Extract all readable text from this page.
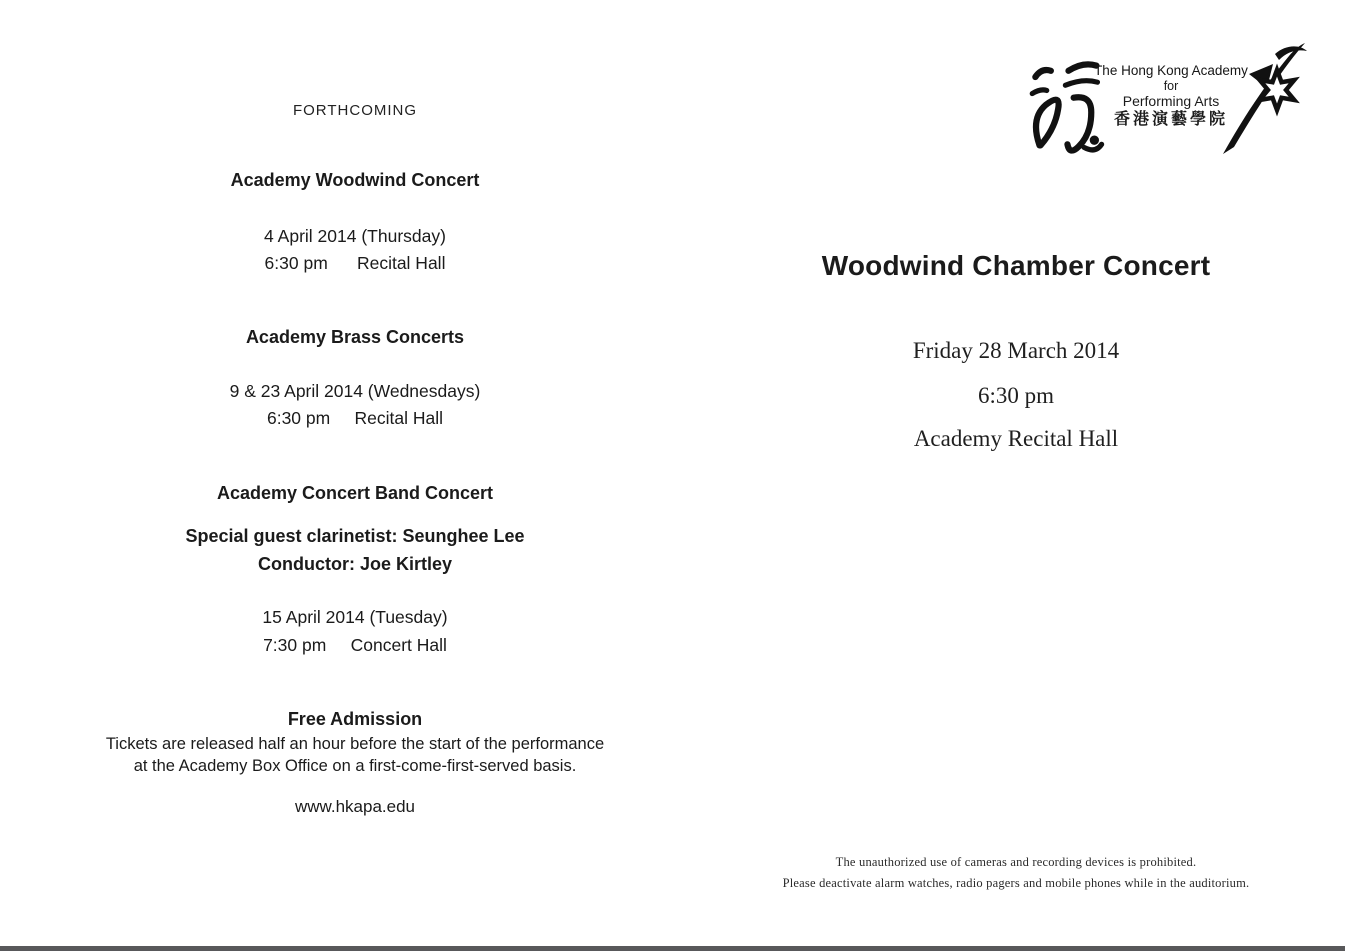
FORTHCOMING
Academy Woodwind Concert
4 April 2014 (Thursday)
6:30 pm      Recital Hall
Academy Brass Concerts
9 & 23 April 2014 (Wednesdays)
6:30 pm     Recital Hall
Academy Concert Band Concert
Special guest clarinetist: Seunghee Lee
Conductor: Joe Kirtley
15 April 2014 (Tuesday)
7:30 pm     Concert Hall
Free Admission
Tickets are released half an hour before the start of the performance
at the Academy Box Office on a first-come-first-served basis.
www.hkapa.edu
The Hong Kong Academy
for
Performing Arts
香港演藝學院
Woodwind Chamber Concert
Friday 28 March 2014
6:30 pm
Academy Recital Hall
The unauthorized use of cameras and recording devices is prohibited.
Please deactivate alarm watches, radio pagers and mobile phones while in the auditorium.
